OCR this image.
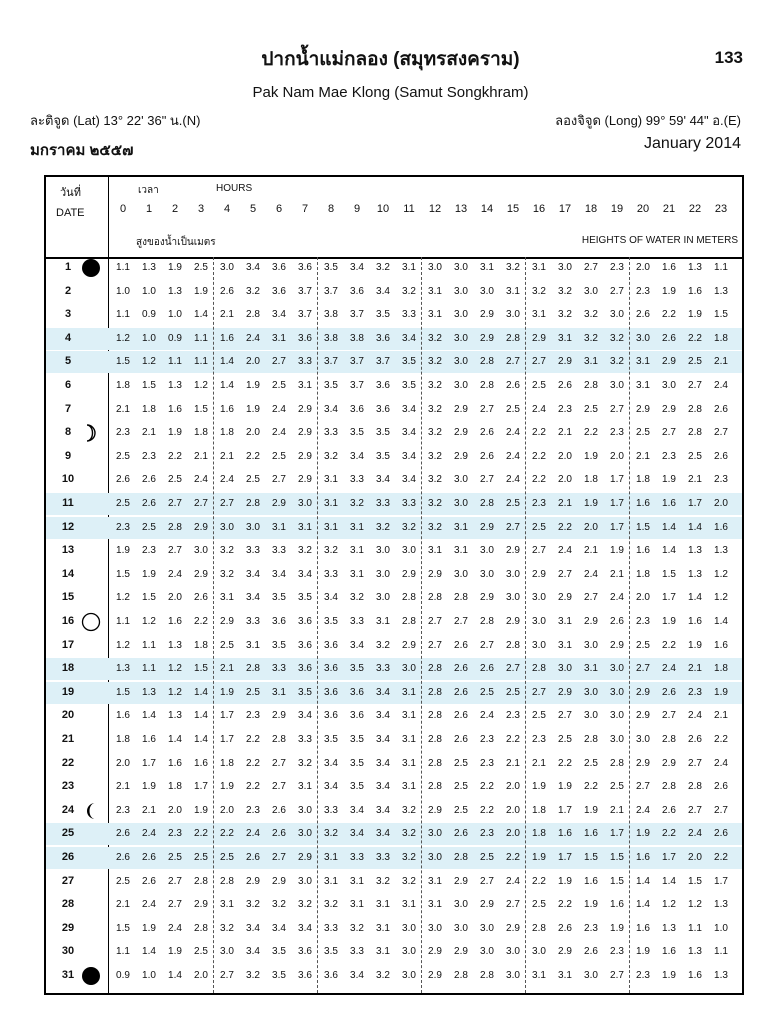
ปากน้ำแม่กลอง (สมุทรสงคราม)	133
Pak Nam Mae Klong (Samut Songkhram)
ละติจูด (Lat) 13° 22' 36" น.(N)	ลองจิจูด (Long) 99° 59' 44" อ.(E)
มกราคม ๒๕๕๗	January 2014
วันที่
DATE
เวลา	HOURS
สูงของน้ำเป็นเมตร	HEIGHTS OF WATER IN METERS
0	1	2	3	4	5	6	7	8	9	10	11	12	13	14	15	16	17	18	19	20	21	22	23
1	1.1	1.3	1.9	2.5	3.0	3.4	3.6	3.6	3.5	3.4	3.2	3.1	3.0	3.0	3.1	3.2	3.1	3.0	2.7	2.3	2.0	1.6	1.3	1.1
2	1.0	1.0	1.3	1.9	2.6	3.2	3.6	3.7	3.7	3.6	3.4	3.2	3.1	3.0	3.0	3.1	3.2	3.2	3.0	2.7	2.3	1.9	1.6	1.3
3	1.1	0.9	1.0	1.4	2.1	2.8	3.4	3.7	3.8	3.7	3.5	3.3	3.1	3.0	2.9	3.0	3.1	3.2	3.2	3.0	2.6	2.2	1.9	1.5
4	1.2	1.0	0.9	1.1	1.6	2.4	3.1	3.6	3.8	3.8	3.6	3.4	3.2	3.0	2.9	2.8	2.9	3.1	3.2	3.2	3.0	2.6	2.2	1.8
5	1.5	1.2	1.1	1.1	1.4	2.0	2.7	3.3	3.7	3.7	3.7	3.5	3.2	3.0	2.8	2.7	2.7	2.9	3.1	3.2	3.1	2.9	2.5	2.1
6	1.8	1.5	1.3	1.2	1.4	1.9	2.5	3.1	3.5	3.7	3.6	3.5	3.2	3.0	2.8	2.6	2.5	2.6	2.8	3.0	3.1	3.0	2.7	2.4
7	2.1	1.8	1.6	1.5	1.6	1.9	2.4	2.9	3.4	3.6	3.6	3.4	3.2	2.9	2.7	2.5	2.4	2.3	2.5	2.7	2.9	2.9	2.8	2.6
8	2.3	2.1	1.9	1.8	1.8	2.0	2.4	2.9	3.3	3.5	3.5	3.4	3.2	2.9	2.6	2.4	2.2	2.1	2.2	2.3	2.5	2.7	2.8	2.7
9	2.5	2.3	2.2	2.1	2.1	2.2	2.5	2.9	3.2	3.4	3.5	3.4	3.2	2.9	2.6	2.4	2.2	2.0	1.9	2.0	2.1	2.3	2.5	2.6
10	2.6	2.6	2.5	2.4	2.4	2.5	2.7	2.9	3.1	3.3	3.4	3.4	3.2	3.0	2.7	2.4	2.2	2.0	1.8	1.7	1.8	1.9	2.1	2.3
11	2.5	2.6	2.7	2.7	2.7	2.8	2.9	3.0	3.1	3.2	3.3	3.3	3.2	3.0	2.8	2.5	2.3	2.1	1.9	1.7	1.6	1.6	1.7	2.0
12	2.3	2.5	2.8	2.9	3.0	3.0	3.1	3.1	3.1	3.1	3.2	3.2	3.2	3.1	2.9	2.7	2.5	2.2	2.0	1.7	1.5	1.4	1.4	1.6
13	1.9	2.3	2.7	3.0	3.2	3.3	3.3	3.2	3.2	3.1	3.0	3.0	3.1	3.1	3.0	2.9	2.7	2.4	2.1	1.9	1.6	1.4	1.3	1.3
14	1.5	1.9	2.4	2.9	3.2	3.4	3.4	3.4	3.3	3.1	3.0	2.9	2.9	3.0	3.0	3.0	2.9	2.7	2.4	2.1	1.8	1.5	1.3	1.2
15	1.2	1.5	2.0	2.6	3.1	3.4	3.5	3.5	3.4	3.2	3.0	2.8	2.8	2.8	2.9	3.0	3.0	2.9	2.7	2.4	2.0	1.7	1.4	1.2
16	1.1	1.2	1.6	2.2	2.9	3.3	3.6	3.6	3.5	3.3	3.1	2.8	2.7	2.7	2.8	2.9	3.0	3.1	2.9	2.6	2.3	1.9	1.6	1.4
17	1.2	1.1	1.3	1.8	2.5	3.1	3.5	3.6	3.6	3.4	3.2	2.9	2.7	2.6	2.7	2.8	3.0	3.1	3.0	2.9	2.5	2.2	1.9	1.6
18	1.3	1.1	1.2	1.5	2.1	2.8	3.3	3.6	3.6	3.5	3.3	3.0	2.8	2.6	2.6	2.7	2.8	3.0	3.1	3.0	2.7	2.4	2.1	1.8
19	1.5	1.3	1.2	1.4	1.9	2.5	3.1	3.5	3.6	3.6	3.4	3.1	2.8	2.6	2.5	2.5	2.7	2.9	3.0	3.0	2.9	2.6	2.3	1.9
20	1.6	1.4	1.3	1.4	1.7	2.3	2.9	3.4	3.6	3.6	3.4	3.1	2.8	2.6	2.4	2.3	2.5	2.7	3.0	3.0	2.9	2.7	2.4	2.1
21	1.8	1.6	1.4	1.4	1.7	2.2	2.8	3.3	3.5	3.5	3.4	3.1	2.8	2.6	2.3	2.2	2.3	2.5	2.8	3.0	3.0	2.8	2.6	2.2
22	2.0	1.7	1.6	1.6	1.8	2.2	2.7	3.2	3.4	3.5	3.4	3.1	2.8	2.5	2.3	2.1	2.1	2.2	2.5	2.8	2.9	2.9	2.7	2.4
23	2.1	1.9	1.8	1.7	1.9	2.2	2.7	3.1	3.4	3.5	3.4	3.1	2.8	2.5	2.2	2.0	1.9	1.9	2.2	2.5	2.7	2.8	2.8	2.6
24	2.3	2.1	2.0	1.9	2.0	2.3	2.6	3.0	3.3	3.4	3.4	3.2	2.9	2.5	2.2	2.0	1.8	1.7	1.9	2.1	2.4	2.6	2.7	2.7
25	2.6	2.4	2.3	2.2	2.2	2.4	2.6	3.0	3.2	3.4	3.4	3.2	3.0	2.6	2.3	2.0	1.8	1.6	1.6	1.7	1.9	2.2	2.4	2.6
26	2.6	2.6	2.5	2.5	2.5	2.6	2.7	2.9	3.1	3.3	3.3	3.2	3.0	2.8	2.5	2.2	1.9	1.7	1.5	1.5	1.6	1.7	2.0	2.2
27	2.5	2.6	2.7	2.8	2.8	2.9	2.9	3.0	3.1	3.1	3.2	3.2	3.1	2.9	2.7	2.4	2.2	1.9	1.6	1.5	1.4	1.4	1.5	1.7
28	2.1	2.4	2.7	2.9	3.1	3.2	3.2	3.2	3.2	3.1	3.1	3.1	3.1	3.0	2.9	2.7	2.5	2.2	1.9	1.6	1.4	1.2	1.2	1.3
29	1.5	1.9	2.4	2.8	3.2	3.4	3.4	3.4	3.3	3.2	3.1	3.0	3.0	3.0	3.0	2.9	2.8	2.6	2.3	1.9	1.6	1.3	1.1	1.0
30	1.1	1.4	1.9	2.5	3.0	3.4	3.5	3.6	3.5	3.3	3.1	3.0	2.9	2.9	3.0	3.0	3.0	2.9	2.6	2.3	1.9	1.6	1.3	1.1
31	0.9	1.0	1.4	2.0	2.7	3.2	3.5	3.6	3.6	3.4	3.2	3.0	2.9	2.8	2.8	3.0	3.1	3.1	3.0	2.7	2.3	1.9	1.6	1.3
